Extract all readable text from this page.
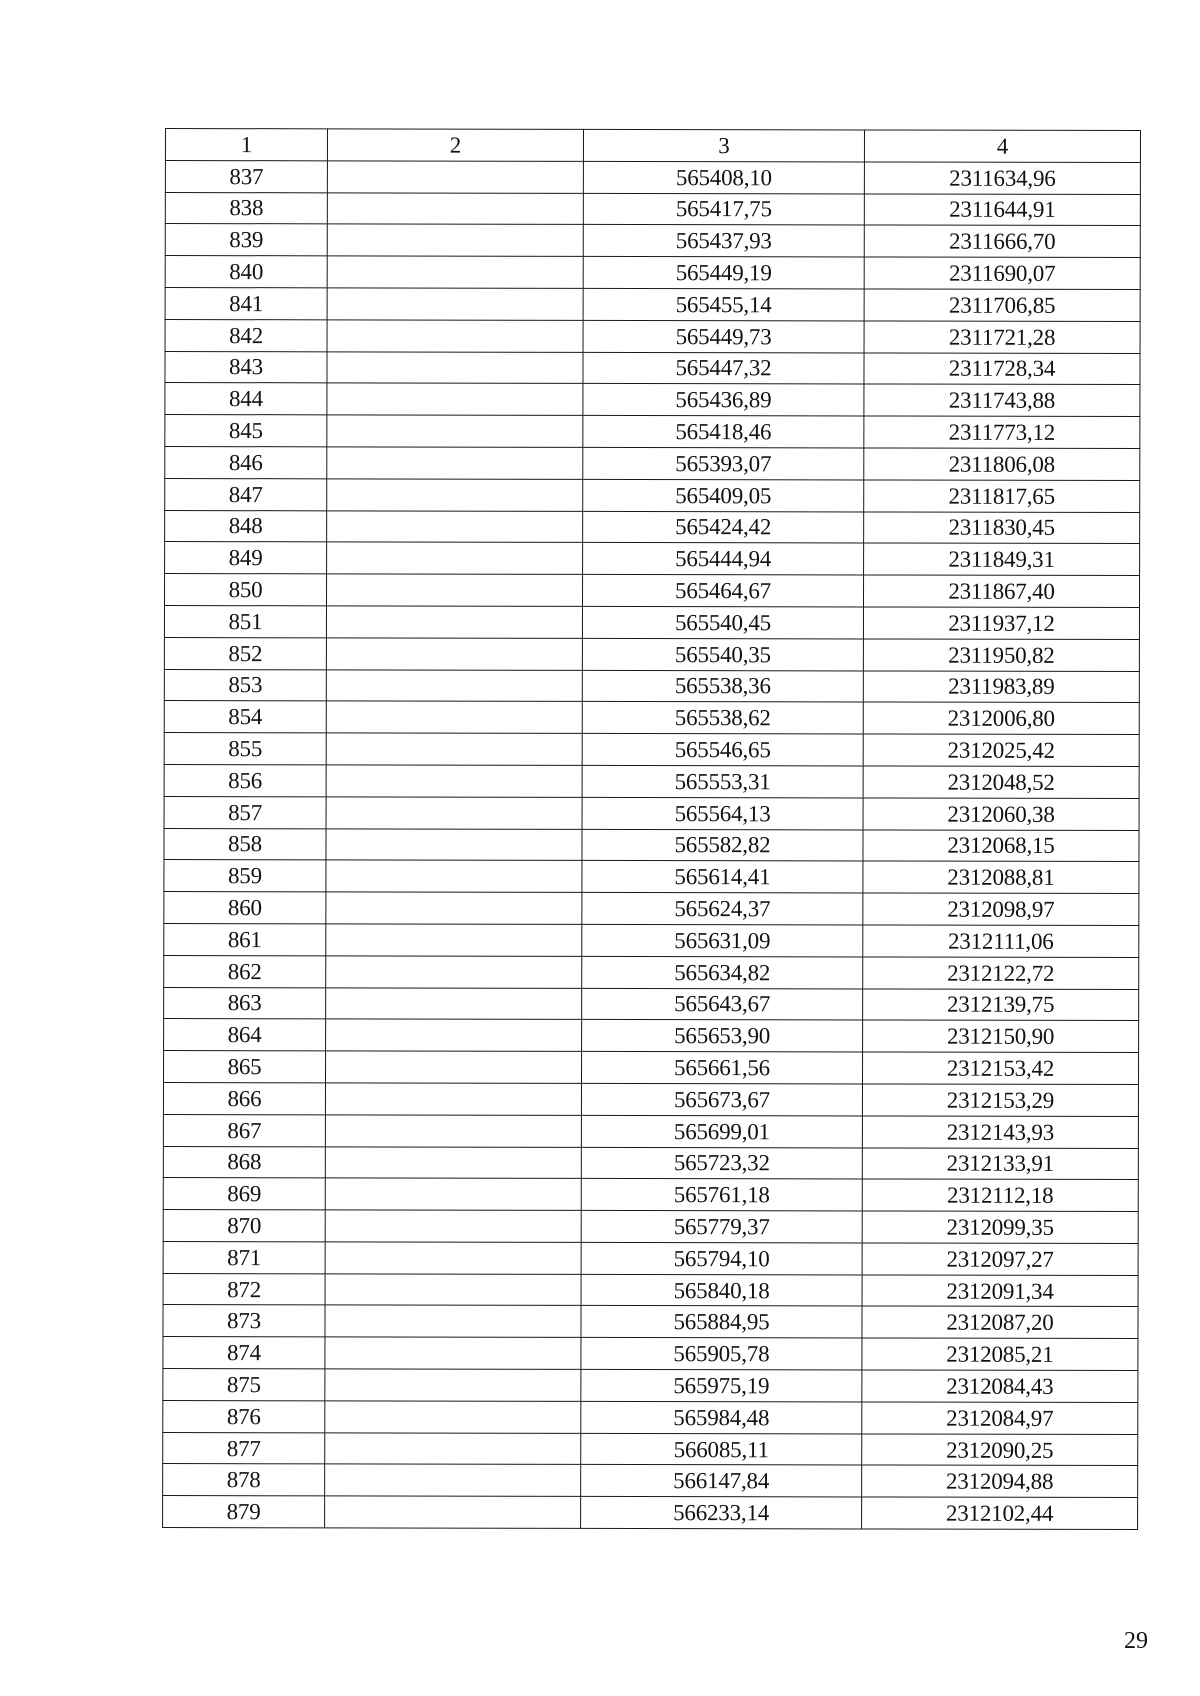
1	2	3	4
837		565408,10	2311634,96
838		565417,75	2311644,91
839		565437,93	2311666,70
840		565449,19	2311690,07
841		565455,14	2311706,85
842		565449,73	2311721,28
843		565447,32	2311728,34
844		565436,89	2311743,88
845		565418,46	2311773,12
846		565393,07	2311806,08
847		565409,05	2311817,65
848		565424,42	2311830,45
849		565444,94	2311849,31
850		565464,67	2311867,40
851		565540,45	2311937,12
852		565540,35	2311950,82
853		565538,36	2311983,89
854		565538,62	2312006,80
855		565546,65	2312025,42
856		565553,31	2312048,52
857		565564,13	2312060,38
858		565582,82	2312068,15
859		565614,41	2312088,81
860		565624,37	2312098,97
861		565631,09	2312111,06
862		565634,82	2312122,72
863		565643,67	2312139,75
864		565653,90	2312150,90
865		565661,56	2312153,42
866		565673,67	2312153,29
867		565699,01	2312143,93
868		565723,32	2312133,91
869		565761,18	2312112,18
870		565779,37	2312099,35
871		565794,10	2312097,27
872		565840,18	2312091,34
873		565884,95	2312087,20
874		565905,78	2312085,21
875		565975,19	2312084,43
876		565984,48	2312084,97
877		566085,11	2312090,25
878		566147,84	2312094,88
879		566233,14	2312102,44
29
